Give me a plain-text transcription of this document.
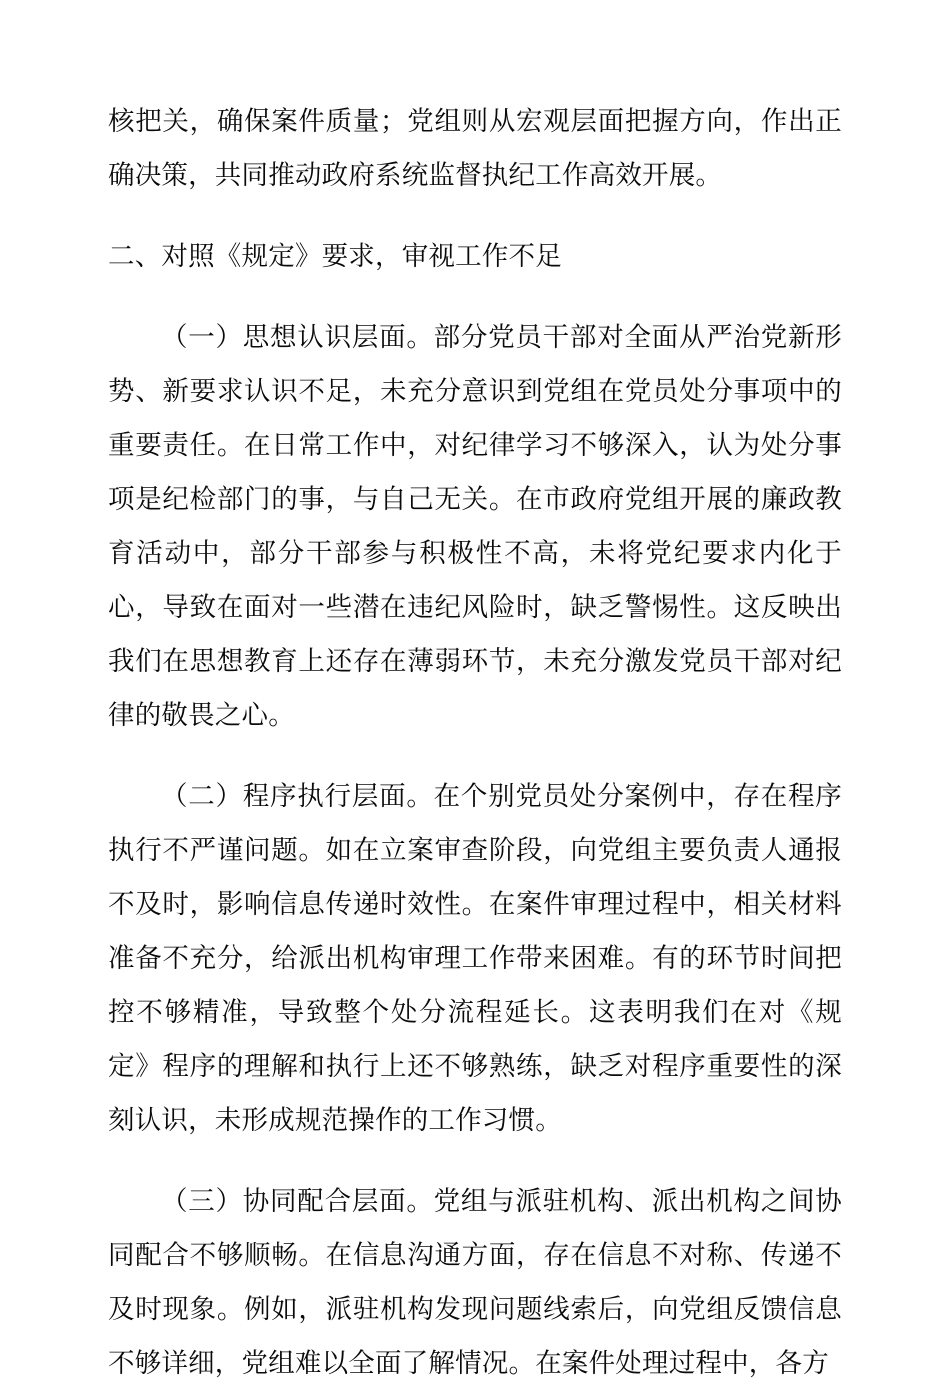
核把关，确保案件质量；党组则从宏观层面把握方向，作出正确决策，共同推动政府系统监督执纪工作高效开展。

二、对照《规定》要求，审视工作不足

（一）思想认识层面。部分党员干部对全面从严治党新形势、新要求认识不足，未充分意识到党组在党员处分事项中的重要责任。在日常工作中，对纪律学习不够深入，认为处分事项是纪检部门的事，与自己无关。在市政府党组开展的廉政教育活动中，部分干部参与积极性不高，未将党纪要求内化于心，导致在面对一些潜在违纪风险时，缺乏警惕性。这反映出我们在思想教育上还存在薄弱环节，未充分激发党员干部对纪律的敬畏之心。

（二）程序执行层面。在个别党员处分案例中，存在程序执行不严谨问题。如在立案审查阶段，向党组主要负责人通报不及时，影响信息传递时效性。在案件审理过程中，相关材料准备不充分，给派出机构审理工作带来困难。有的环节时间把控不够精准，导致整个处分流程延长。这表明我们在对《规定》程序的理解和执行上还不够熟练，缺乏对程序重要性的深刻认识，未形成规范操作的工作习惯。

（三）协同配合层面。党组与派驻机构、派出机构之间协同配合不够顺畅。在信息沟通方面，存在信息不对称、传递不及时现象。例如，派驻机构发现问题线索后，向党组反馈信息不够详细，党组难以全面了解情况。在案件处理过程中，各方
